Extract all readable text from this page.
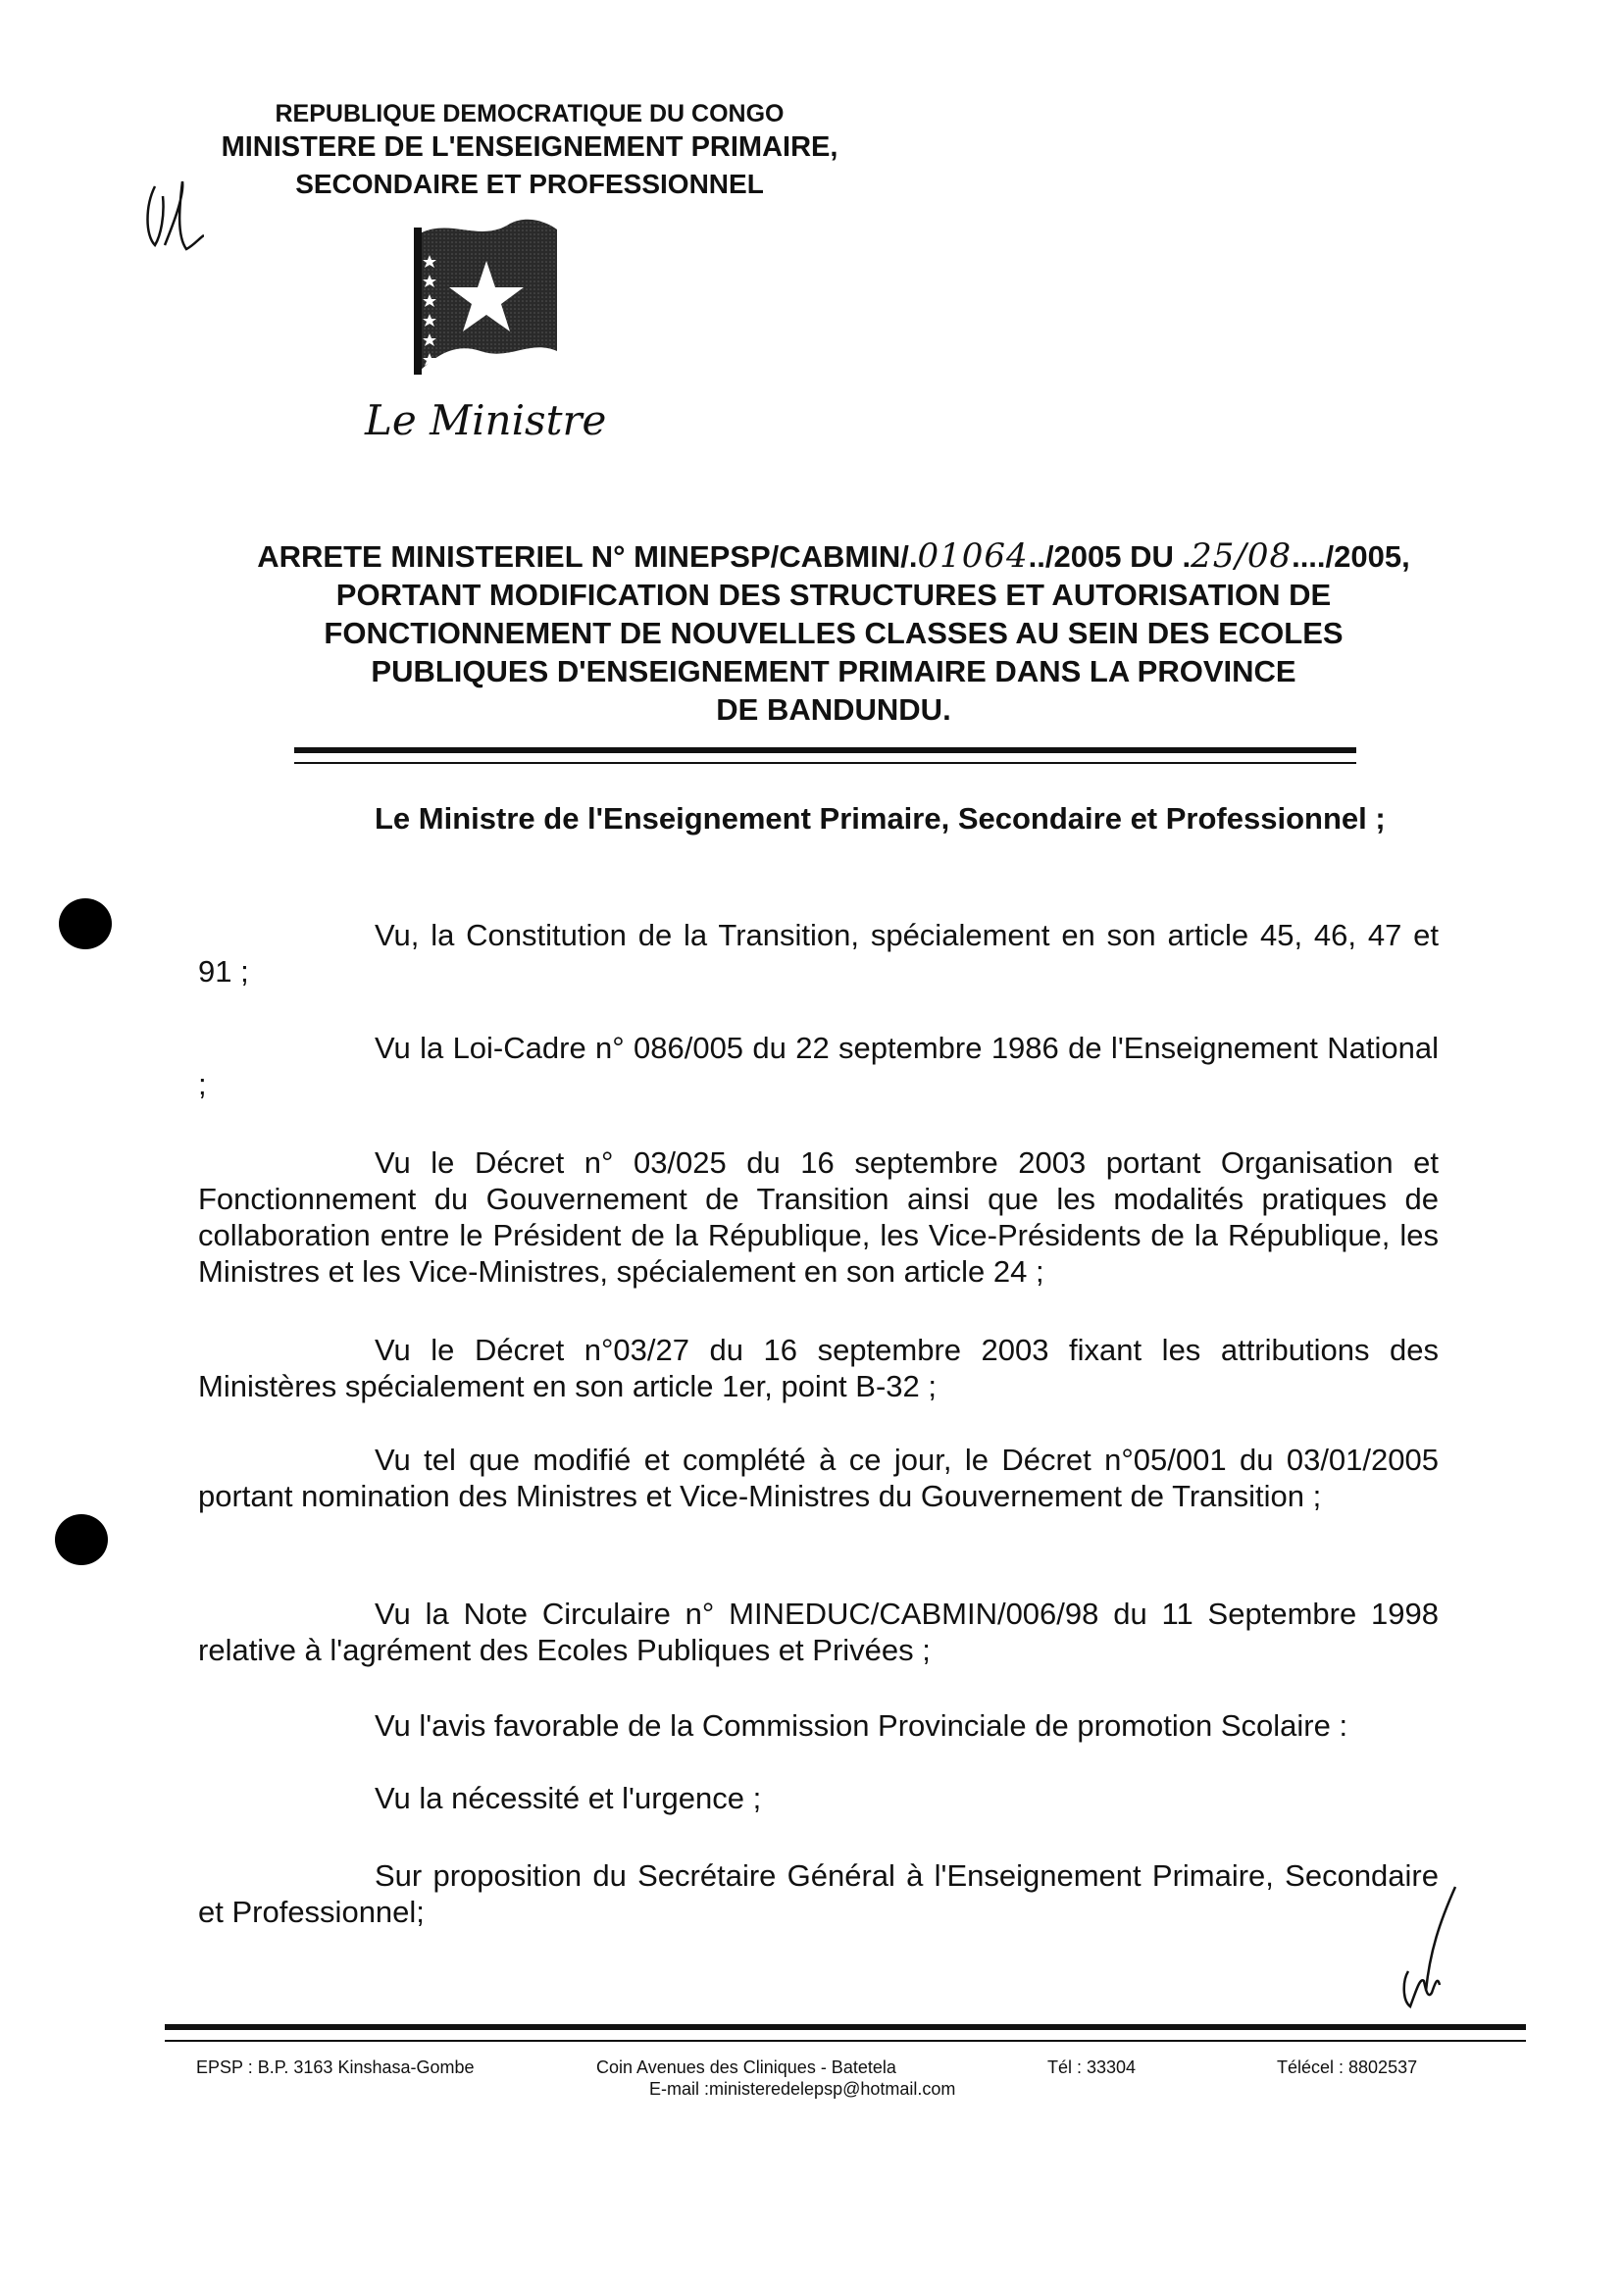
REPUBLIQUE DEMOCRATIQUE DU CONGO
MINISTERE DE L'ENSEIGNEMENT PRIMAIRE,
SECONDAIRE ET PROFESSIONNEL
Le Ministre
ARRETE MINISTERIEL N° MINEPSP/CABMIN/.01064../2005 DU .25/08..../2005,
PORTANT MODIFICATION DES STRUCTURES ET AUTORISATION DE
FONCTIONNEMENT DE NOUVELLES CLASSES AU SEIN DES ECOLES
PUBLIQUES D'ENSEIGNEMENT PRIMAIRE DANS LA PROVINCE
DE BANDUNDU.

Le Ministre de l'Enseignement Primaire, Secondaire et Professionnel ;

Vu, la Constitution de la Transition, spécialement en son article 45, 46, 47 et 91 ;

Vu la Loi-Cadre n° 086/005 du 22 septembre 1986 de l'Enseignement National ;

Vu le Décret n° 03/025 du 16 septembre 2003 portant Organisation et Fonctionnement du Gouvernement de Transition ainsi que les modalités pratiques de collaboration entre le Président de la République, les Vice-Présidents de la République, les Ministres et les Vice-Ministres, spécialement en son article 24 ;

Vu le Décret n°03/27 du 16 septembre 2003 fixant les attributions des Ministères spécialement en son article 1er, point B-32 ;

Vu tel que modifié et complété à ce jour, le Décret n°05/001 du 03/01/2005 portant nomination des Ministres et Vice-Ministres du Gouvernement de Transition ;

Vu la Note Circulaire n° MINEDUC/CABMIN/006/98 du 11 Septembre 1998 relative à l'agrément des Ecoles Publiques et Privées ;

Vu l'avis favorable de la Commission Provinciale de promotion Scolaire :

Vu la nécessité et l'urgence ;

Sur proposition du Secrétaire Général à l'Enseignement Primaire, Secondaire et Professionnel;

EPSP : B.P. 3163 Kinshasa-Gombe	Coin Avenues des Cliniques - Batetela
E-mail :ministeredelepsp@hotmail.com
Tél : 33304	Télécel : 8802537
